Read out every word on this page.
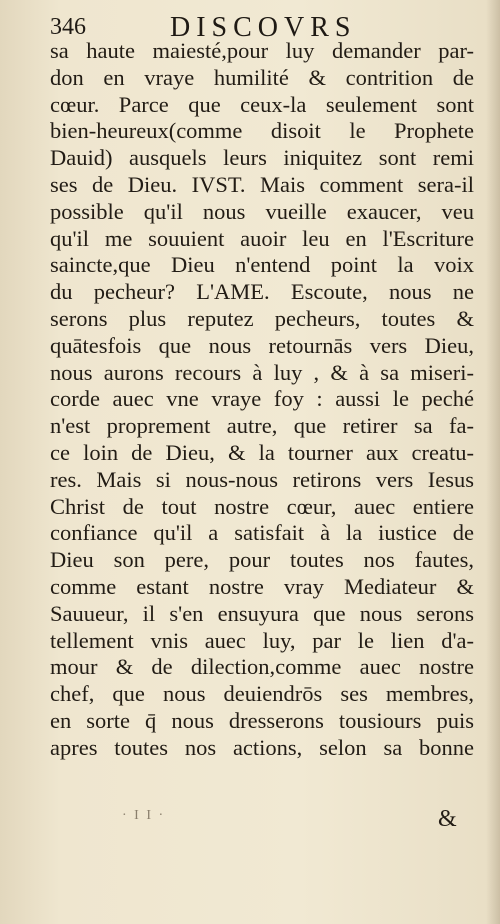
346	DISCOVRS
sa haute maiesté,pour luy demander par-
don en vraye humilité & contrition de
cœur. Parce que ceux-la seulement sont
bien-heureux(comme disoit le Prophete
Dauid) ausquels leurs iniquitez sont remi
ses de Dieu. IVST. Mais comment sera-il
possible qu'il nous vueille exaucer, veu
qu'il me souuient auoir leu en l'Escriture
saincte,que Dieu n'entend point la voix
du pecheur? L'AME. Escoute, nous ne
serons plus reputez pecheurs, toutes &
quātesfois que nous retournās vers Dieu,
nous aurons recours à luy , & à sa miseri-
corde auec vne vraye foy : aussi le peché
n'est proprement autre, que retirer sa fa-
ce loin de Dieu, & la tourner aux creatu-
res. Mais si nous-nous retirons vers Iesus
Christ de tout nostre cœur, auec entiere
confiance qu'il a satisfait à la iustice de
Dieu son pere, pour toutes nos fautes,
comme estant nostre vray Mediateur &
Sauueur, il s'en ensuyura que nous serons
tellement vnis auec luy, par le lien d'a-
mour & de dilection,comme auec nostre
chef, que nous deuiendrōs ses membres,
en sorte q̄ nous dresserons tousiours puis
apres toutes nos actions, selon sa bonne
· I I ·	&
